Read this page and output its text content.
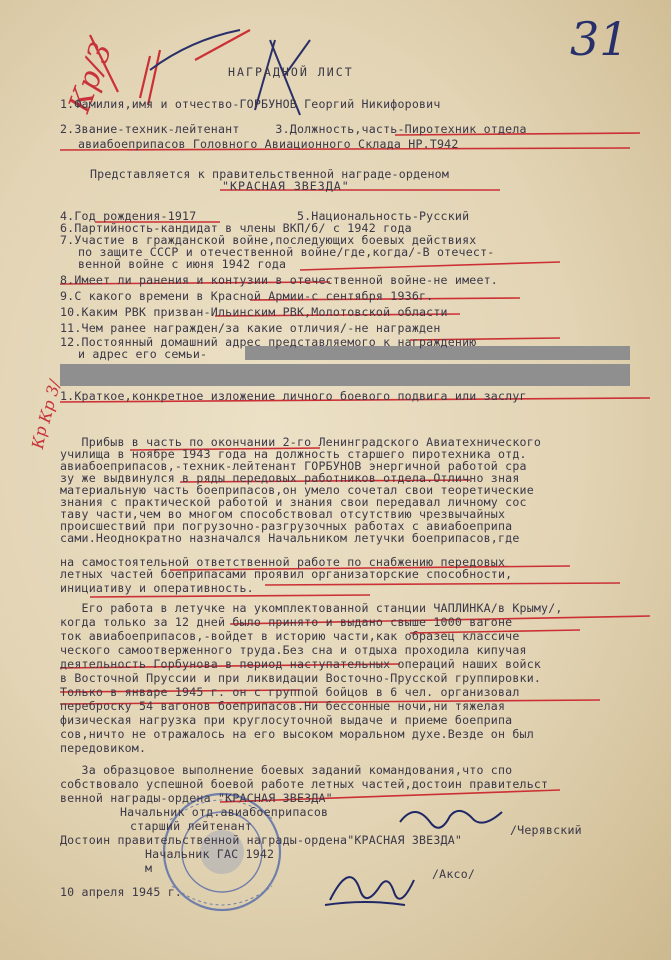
31
Кр/3
Кр 3/
Кр
НАГРАДНОЙ ЛИСТ
1.Фамилия,имя и отчество-ГОРБУНОВ Георгий Никифорович
2.Звание-техник-лейтенант     3.Должность,часть-Пиротехник отдела
авиабоеприпасов Головного Авиационного Склада НР.Т942
Представляется к правительственной награде-орденом
"КРАСНАЯ ЗВЕЗДА"
4.Год рождения-1917              5.Национальность-Русский
6.Партийность-кандидат в члены ВКП/б/ с 1942 года
7.Участие в гражданской войне,последующих боевых действиях
по защите СССР и отечественной войне/где,когда/-В отечест-
венной войне с июня 1942 года
8.Имеет ли ранения и контузии в отечественной войне-не имеет.
9.С какого времени в Красной Армии-с сентября 1936г.
10.Каким РВК призван-Ильинским РВК,Молотовской области
11.Чем ранее награжден/за какие отличия/-не награжден
12.Постоянный домашний адрес представляемого к награждению
и адрес его семьи-
1.Краткое,конкретное изложение личного боевого подвига или заслуг
Прибыв в часть по окончании 2-го Ленинградского Авиатехнического
училища в ноябре 1943 года на должность старшего пиротехника отд.
авиабоеприпасов,-техник-лейтенант ГОРБУНОВ энергичной работой сра
зу же выдвинулся в ряды передовых работников отдела.Отлично зная
материальную часть боеприпасов,он умело сочетал свои теоретические
знания с практической работой и знания свои передавал личному сос
таву части,чем во многом способствовал отсутствию чрезвычайных
происшествий при погрузочно-разгрузочных работах с авиабоеприпа
сами.Неоднократно назначался Начальником летучки боеприпасов,где
на самостоятельной ответственной работе по снабжению передовых
летных частей боеприпасами проявил организаторские способности,
инициативу и оперативность.
Его работа в летучке на укомплектованной станции ЧАПЛИНКА/в Крыму/,
когда только за 12 дней было принято и выдано свыше 1000 вагоне
ток авиабоеприпасов,-войдет в историю части,как образец классиче
ческого самоотверженного труда.Без сна и отдыха проходила кипучая
деятельность Горбунова в период наступательных операций наших войск
в Восточной Пруссии и при ликвидации Восточно-Прусской группировки.
Только в январе 1945 г. он с группой бойцов в 6 чел. организовал
переброску 54 вагонов боеприпасов.Ни бессонные ночи,ни тяжелая
физическая нагрузка при круглосуточной выдаче и приеме боеприпа
сов,ничто не отражалось на его высоком моральном духе.Везде он был
передовиком.
За образцовое выполнение боевых заданий командования,что спо
собствовало успешной боевой работе летных частей,достоин правительст
венной награды-ордена "КРАСНАЯ ЗВЕЗДА"
Начальник отд.авиабоеприпасов
старший лейтенант	/Черявский
Достоин правительственной награды-ордена"КРАСНАЯ ЗВЕЗДА"
Начальник ГАС 1942
м	/Аксо/
10 апреля 1945 г.
